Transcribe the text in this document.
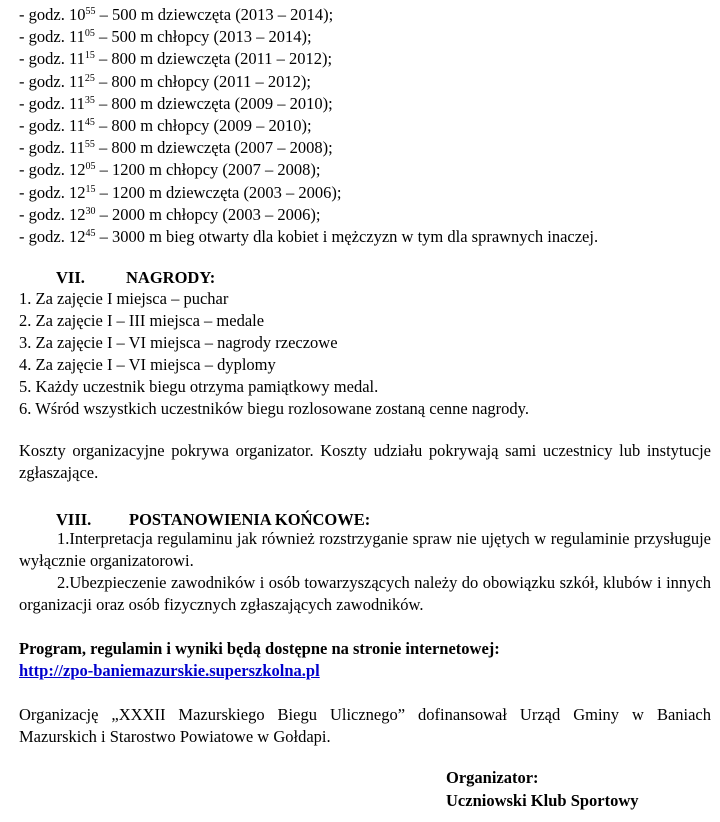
- godz. $10^{55} - 500$ m dziewczęta (2013 – 2014);
- godz. $11^{05} - 500$ m chłopcy (2013 – 2014);
- godz. $11^{15} - 800$ m dziewczęta (2011 – 2012);
- godz. $11^{25} - 800$ m chłopcy (2011 – 2012);
- godz. $11^{35} - 800$ m dziewczęta (2009 – 2010);
- godz. $11^{45} - 800$ m chłopcy (2009 – 2010);
- godz. $11^{55} - 800$ m dziewczęta (2007 – 2008);
- godz. $12^{05} - 1200$ m chłopcy (2007 – 2008);
- godz. $12^{15} - 1200$ m dziewczęta (2003 – 2006);
- godz. $12^{30} - 2000$ m chłopcy (2003 – 2006);
- godz. $12^{45} - 3000$ m bieg otwarty dla kobiet i mężczyzn w tym dla sprawnych inaczej.
VII. NAGRODY:
1. Za zajęcie I miejsca – puchar
2. Za zajęcie I – III miejsca – medale
3. Za zajęcie I – VI miejsca – nagrody rzeczowe
4. Za zajęcie I – VI miejsca – dyplomy
5. Każdy uczestnik biegu otrzyma pamiątkowy medal.
6. Wśród wszystkich uczestników biegu rozlosowane zostaną cenne nagrody.
Koszty organizacyjne pokrywa organizator. Koszty udziału pokrywają sami uczestnicy lub instytucje zgłaszające.
VIII. POSTANOWIENIA KOŃCOWE:
1.Interpretacja regulaminu jak również rozstrzyganie spraw nie ujętych w regulaminie przysługuje wyłącznie organizatorowi.
2.Ubezpieczenie zawodników i osób towarzyszących należy do obowiązku szkół, klubów i innych organizacji oraz osób fizycznych zgłaszających zawodników.
Program, regulamin i wyniki będą dostępne na stronie internetowej:
http://zpo-baniemazurskie.superszkolna.pl
Organizację „XXXII Mazurskiego Biegu Ulicznego” dofinansował Urząd Gminy w Baniach Mazurskich i Starostwo Powiatowe w Gołdapi.
Organizator:
Uczniowski Klub Sportowy
